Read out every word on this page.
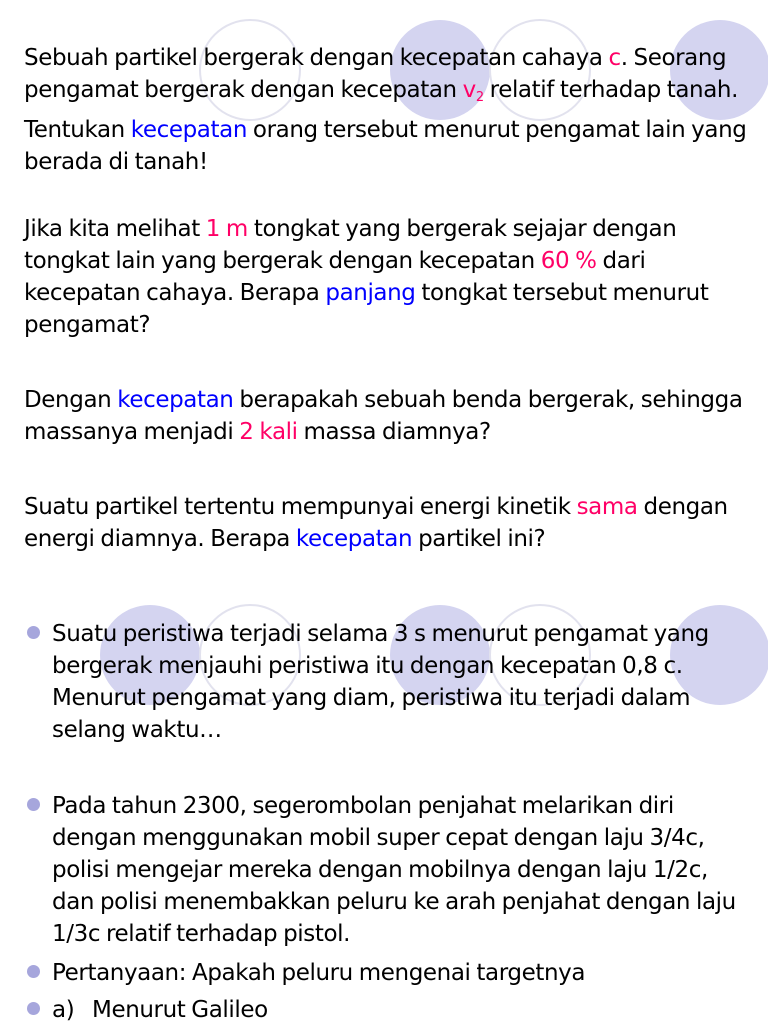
Sebuah partikel bergerak dengan kecepatan cahaya c. Seorang pengamat bergerak dengan kecepatan $v_2$ relatif terhadap tanah. Tentukan kecepatan orang tersebut menurut pengamat lain yang berada di tanah!

Jika kita melihat 1 m tongkat yang bergerak sejajar dengan tongkat lain yang bergerak dengan kecepatan 60 % dari kecepatan cahaya. Berapa panjang tongkat tersebut menurut pengamat?

Dengan kecepatan berapakah sebuah benda bergerak, sehingga massanya menjadi 2 kali massa diamnya?

Suatu partikel tertentu mempunyai energi kinetik sama dengan energi diamnya. Berapa kecepatan partikel ini?

Suatu peristiwa terjadi selama 3 s menurut pengamat yang bergerak menjauhi peristiwa itu dengan kecepatan 0,8 c. Menurut pengamat yang diam, peristiwa itu terjadi dalam selang waktu…
Pada tahun 2300, segerombolan penjahat melarikan diri dengan menggunakan mobil super cepat dengan laju 3/4c, polisi mengejar mereka dengan mobilnya dengan laju 1/2c, dan polisi menembakkan peluru ke arah penjahat dengan laju 1/3c relatif terhadap pistol.
Pertanyaan: Apakah peluru mengenai targetnya
a)   Menurut Galileo
